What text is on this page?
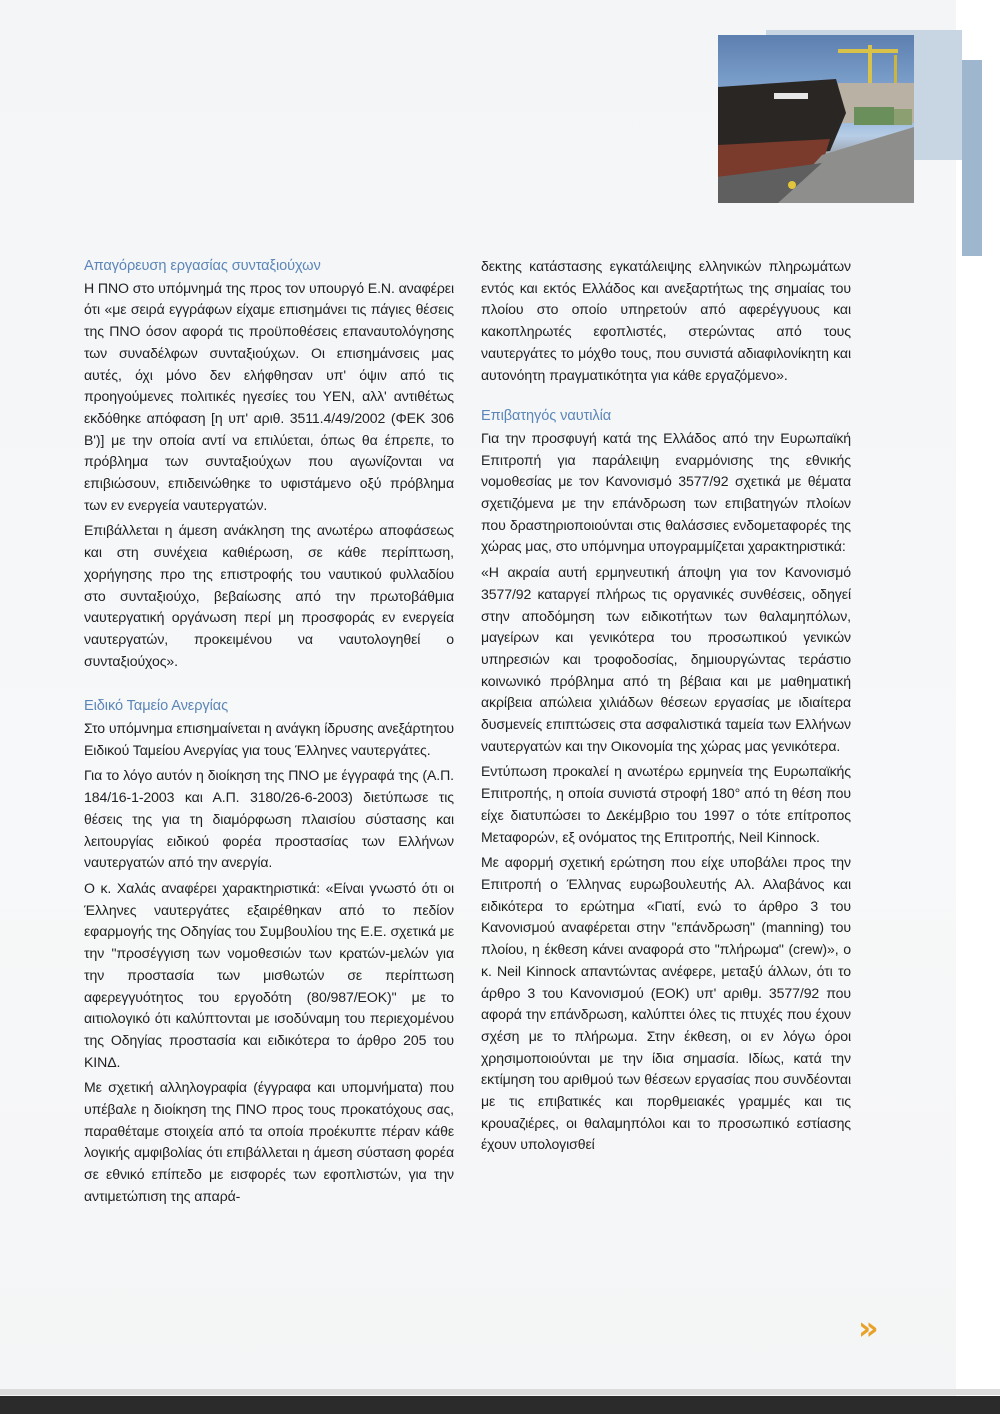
Απαγόρευση εργασίας συνταξιούχων

Η ΠΝΟ στο υπόμνημά της προς τον υπουργό Ε.Ν. αναφέρει ότι «με σειρά εγγράφων είχαμε επισημάνει τις πάγιες θέσεις της ΠΝΟ όσον αφορά τις προϋποθέσεις επαναυτολόγησης των συναδέλφων συνταξιούχων. Οι επισημάνσεις μας αυτές, όχι μόνο δεν ελήφθησαν υπ' όψιν από τις προηγούμενες πολιτικές ηγεσίες του ΥΕΝ, αλλ' αντιθέτως εκδόθηκε απόφαση [η υπ' αριθ. 3511.4/49/2002 (ΦΕΚ 306 Β')] με την οποία αντί να επιλύεται, όπως θα έπρεπε, το πρόβλημα των συνταξιούχων που αγωνίζονται να επιβιώσουν, επιδεινώθηκε το υφιστάμενο οξύ πρόβλημα των εν ενεργεία ναυτεργατών.

Επιβάλλεται η άμεση ανάκληση της ανωτέρω αποφάσεως και στη συνέχεια καθιέρωση, σε κάθε περίπτωση, χορήγησης προ της επιστροφής του ναυτικού φυλλαδίου στο συνταξιούχο, βεβαίωσης από την πρωτοβάθμια ναυτεργατική οργάνωση περί μη προσφοράς εν ενεργεία ναυτεργατών, προκειμένου να ναυτολογηθεί ο συνταξιούχος».

Ειδικό Ταμείο Ανεργίας

Στο υπόμνημα επισημαίνεται η ανάγκη ίδρυσης ανεξάρτητου Ειδικού Ταμείου Ανεργίας για τους Έλληνες ναυτεργάτες.

Για το λόγο αυτόν η διοίκηση της ΠΝΟ με έγγραφά της (Α.Π. 184/16-1-2003 και Α.Π. 3180/26-6-2003) διετύπωσε τις θέσεις της για τη διαμόρφωση πλαισίου σύστασης και λειτουργίας ειδικού φορέα προστασίας των Ελλήνων ναυτεργατών από την ανεργία.

Ο κ. Χαλάς αναφέρει χαρακτηριστικά: «Είναι γνωστό ότι οι Έλληνες ναυτεργάτες εξαιρέθηκαν από το πεδίον εφαρμογής της Οδηγίας του Συμβουλίου της Ε.Ε. σχετικά με την "προσέγγιση των νομοθεσιών των κρατών-μελών για την προστασία των μισθωτών σε περίπτωση αφερεγγυότητος του εργοδότη (80/987/ΕΟΚ)" με το αιτιολογικό ότι καλύπτονται με ισοδύναμη του περιεχομένου της Οδηγίας προστασία και ειδικότερα το άρθρο 205 του ΚΙΝΔ.

Με σχετική αλληλογραφία (έγγραφα και υπομνήματα) που υπέβαλε η διοίκηση της ΠΝΟ προς τους προκατόχους σας, παραθέταμε στοιχεία από τα οποία προέκυπτε πέραν κάθε λογικής αμφιβολίας ότι επιβάλλεται η άμεση σύσταση φορέα σε εθνικό επίπεδο με εισφορές των εφοπλιστών, για την αντιμετώπιση της απαρά-

δεκτης κατάστασης εγκατάλειψης ελληνικών πληρωμάτων εντός και εκτός Ελλάδος και ανεξαρτήτως της σημαίας του πλοίου στο οποίο υπηρετούν από αφερέγγυους και κακοπληρωτές εφοπλιστές, στερώντας από τους ναυτεργάτες το μόχθο τους, που συνιστά αδιαφιλονίκητη και αυτονόητη πραγματικότητα για κάθε εργαζόμενο».

Επιβατηγός ναυτιλία

Για την προσφυγή κατά της Ελλάδος από την Ευρωπαϊκή Επιτροπή για παράλειψη εναρμόνισης της εθνικής νομοθεσίας με τον Κανονισμό 3577/92 σχετικά με θέματα σχετιζόμενα με την επάνδρωση των επιβατηγών πλοίων που δραστηριοποιούνται στις θαλάσσιες ενδομεταφορές της χώρας μας, στο υπόμνημα υπογραμμίζεται χαρακτηριστικά:

«Η ακραία αυτή ερμηνευτική άποψη για τον Κανονισμό 3577/92 καταργεί πλήρως τις οργανικές συνθέσεις, οδηγεί στην αποδόμηση των ειδικοτήτων των θαλαμηπόλων, μαγείρων και γενικότερα του προσωπικού γενικών υπηρεσιών και τροφοδοσίας, δημιουργώντας τεράστιο κοινωνικό πρόβλημα από τη βέβαια και με μαθηματική ακρίβεια απώλεια χιλιάδων θέσεων εργασίας με ιδιαίτερα δυσμενείς επιπτώσεις στα ασφαλιστικά ταμεία των Ελλήνων ναυτεργατών και την Οικονομία της χώρας μας γενικότερα.

Εντύπωση προκαλεί η ανωτέρω ερμηνεία της Ευρωπαϊκής Επιτροπής, η οποία συνιστά στροφή 180° από τη θέση που είχε διατυπώσει το Δεκέμβριο του 1997 ο τότε επίτροπος Μεταφορών, εξ ονόματος της Επιτροπής, Neil Kinnock.

Με αφορμή σχετική ερώτηση που είχε υποβάλει προς την Επιτροπή ο Έλληνας ευρωβουλευτής Αλ. Αλαβάνος και ειδικότερα το ερώτημα «Γιατί, ενώ το άρθρο 3 του Κανονισμού αναφέρεται στην "επάνδρωση" (manning) του πλοίου, η έκθεση κάνει αναφορά στο "πλήρωμα" (crew)», ο κ. Neil Kinnock απαντώντας ανέφερε, μεταξύ άλλων, ότι το άρθρο 3 του Κανονισμού (ΕΟΚ) υπ' αριθμ. 3577/92 που αφορά την επάνδρωση, καλύπτει όλες τις πτυχές που έχουν σχέση με το πλήρωμα. Στην έκθεση, οι εν λόγω όροι χρησιμοποιούνται με την ίδια σημασία. Ιδίως, κατά την εκτίμηση του αριθμού των θέσεων εργασίας που συνδέονται με τις επιβατικές και πορθμειακές γραμμές και τις κρουαζιέρες, οι θαλαμηπόλοι και το προσωπικό εστίασης έχουν υπολογισθεί

»
